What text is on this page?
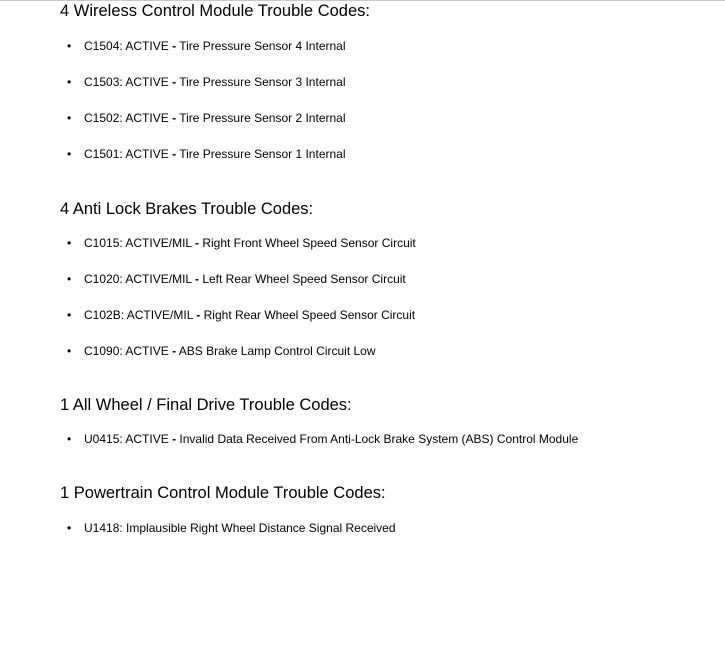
4 Wireless Control Module Trouble Codes:
• C1504: ACTIVE - Tire Pressure Sensor 4 Internal
• C1503: ACTIVE - Tire Pressure Sensor 3 Internal
• C1502: ACTIVE - Tire Pressure Sensor 2 Internal
• C1501: ACTIVE - Tire Pressure Sensor 1 Internal
4 Anti Lock Brakes Trouble Codes:
• C1015: ACTIVE/MIL - Right Front Wheel Speed Sensor Circuit
• C1020: ACTIVE/MIL - Left Rear Wheel Speed Sensor Circuit
• C102B: ACTIVE/MIL - Right Rear Wheel Speed Sensor Circuit
• C1090: ACTIVE - ABS Brake Lamp Control Circuit Low
1 All Wheel / Final Drive Trouble Codes:
• U0415: ACTIVE - Invalid Data Received From Anti-Lock Brake System (ABS) Control Module
1 Powertrain Control Module Trouble Codes:
• U1418: Implausible Right Wheel Distance Signal Received
